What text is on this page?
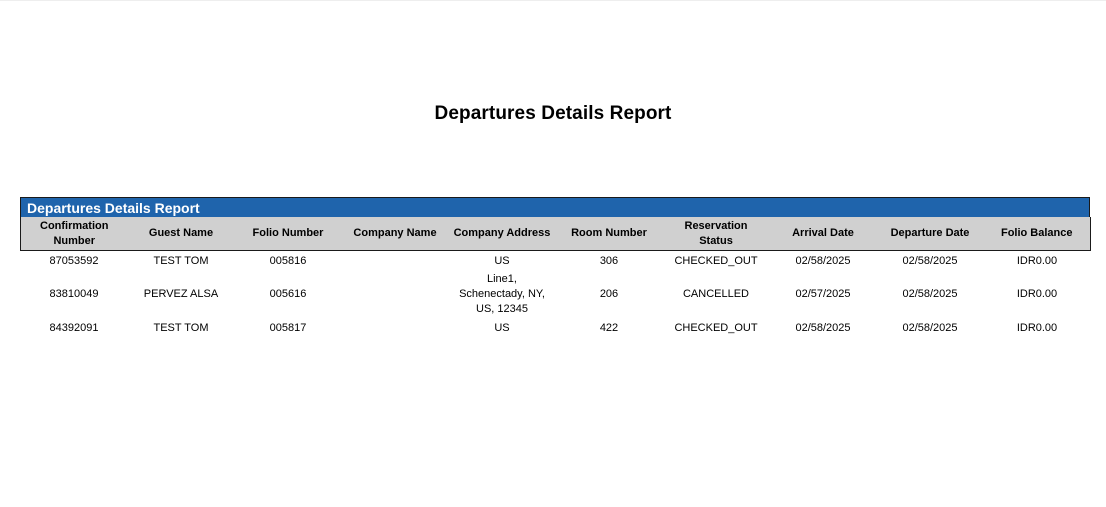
Departures Details Report
Departures Details Report
Confirmation Number	Guest Name	Folio Number	Company Name	Company Address	Room Number	Reservation Status	Arrival Date	Departure Date	Folio Balance
87053592	TEST TOM	005816		US	306	CHECKED_OUT	02/58/2025	02/58/2025	IDR0.00
83810049	PERVEZ ALSA	005616		Line1,
Schenectady, NY,
US, 12345	206	CANCELLED	02/57/2025	02/58/2025	IDR0.00
84392091	TEST TOM	005817		US	422	CHECKED_OUT	02/58/2025	02/58/2025	IDR0.00
